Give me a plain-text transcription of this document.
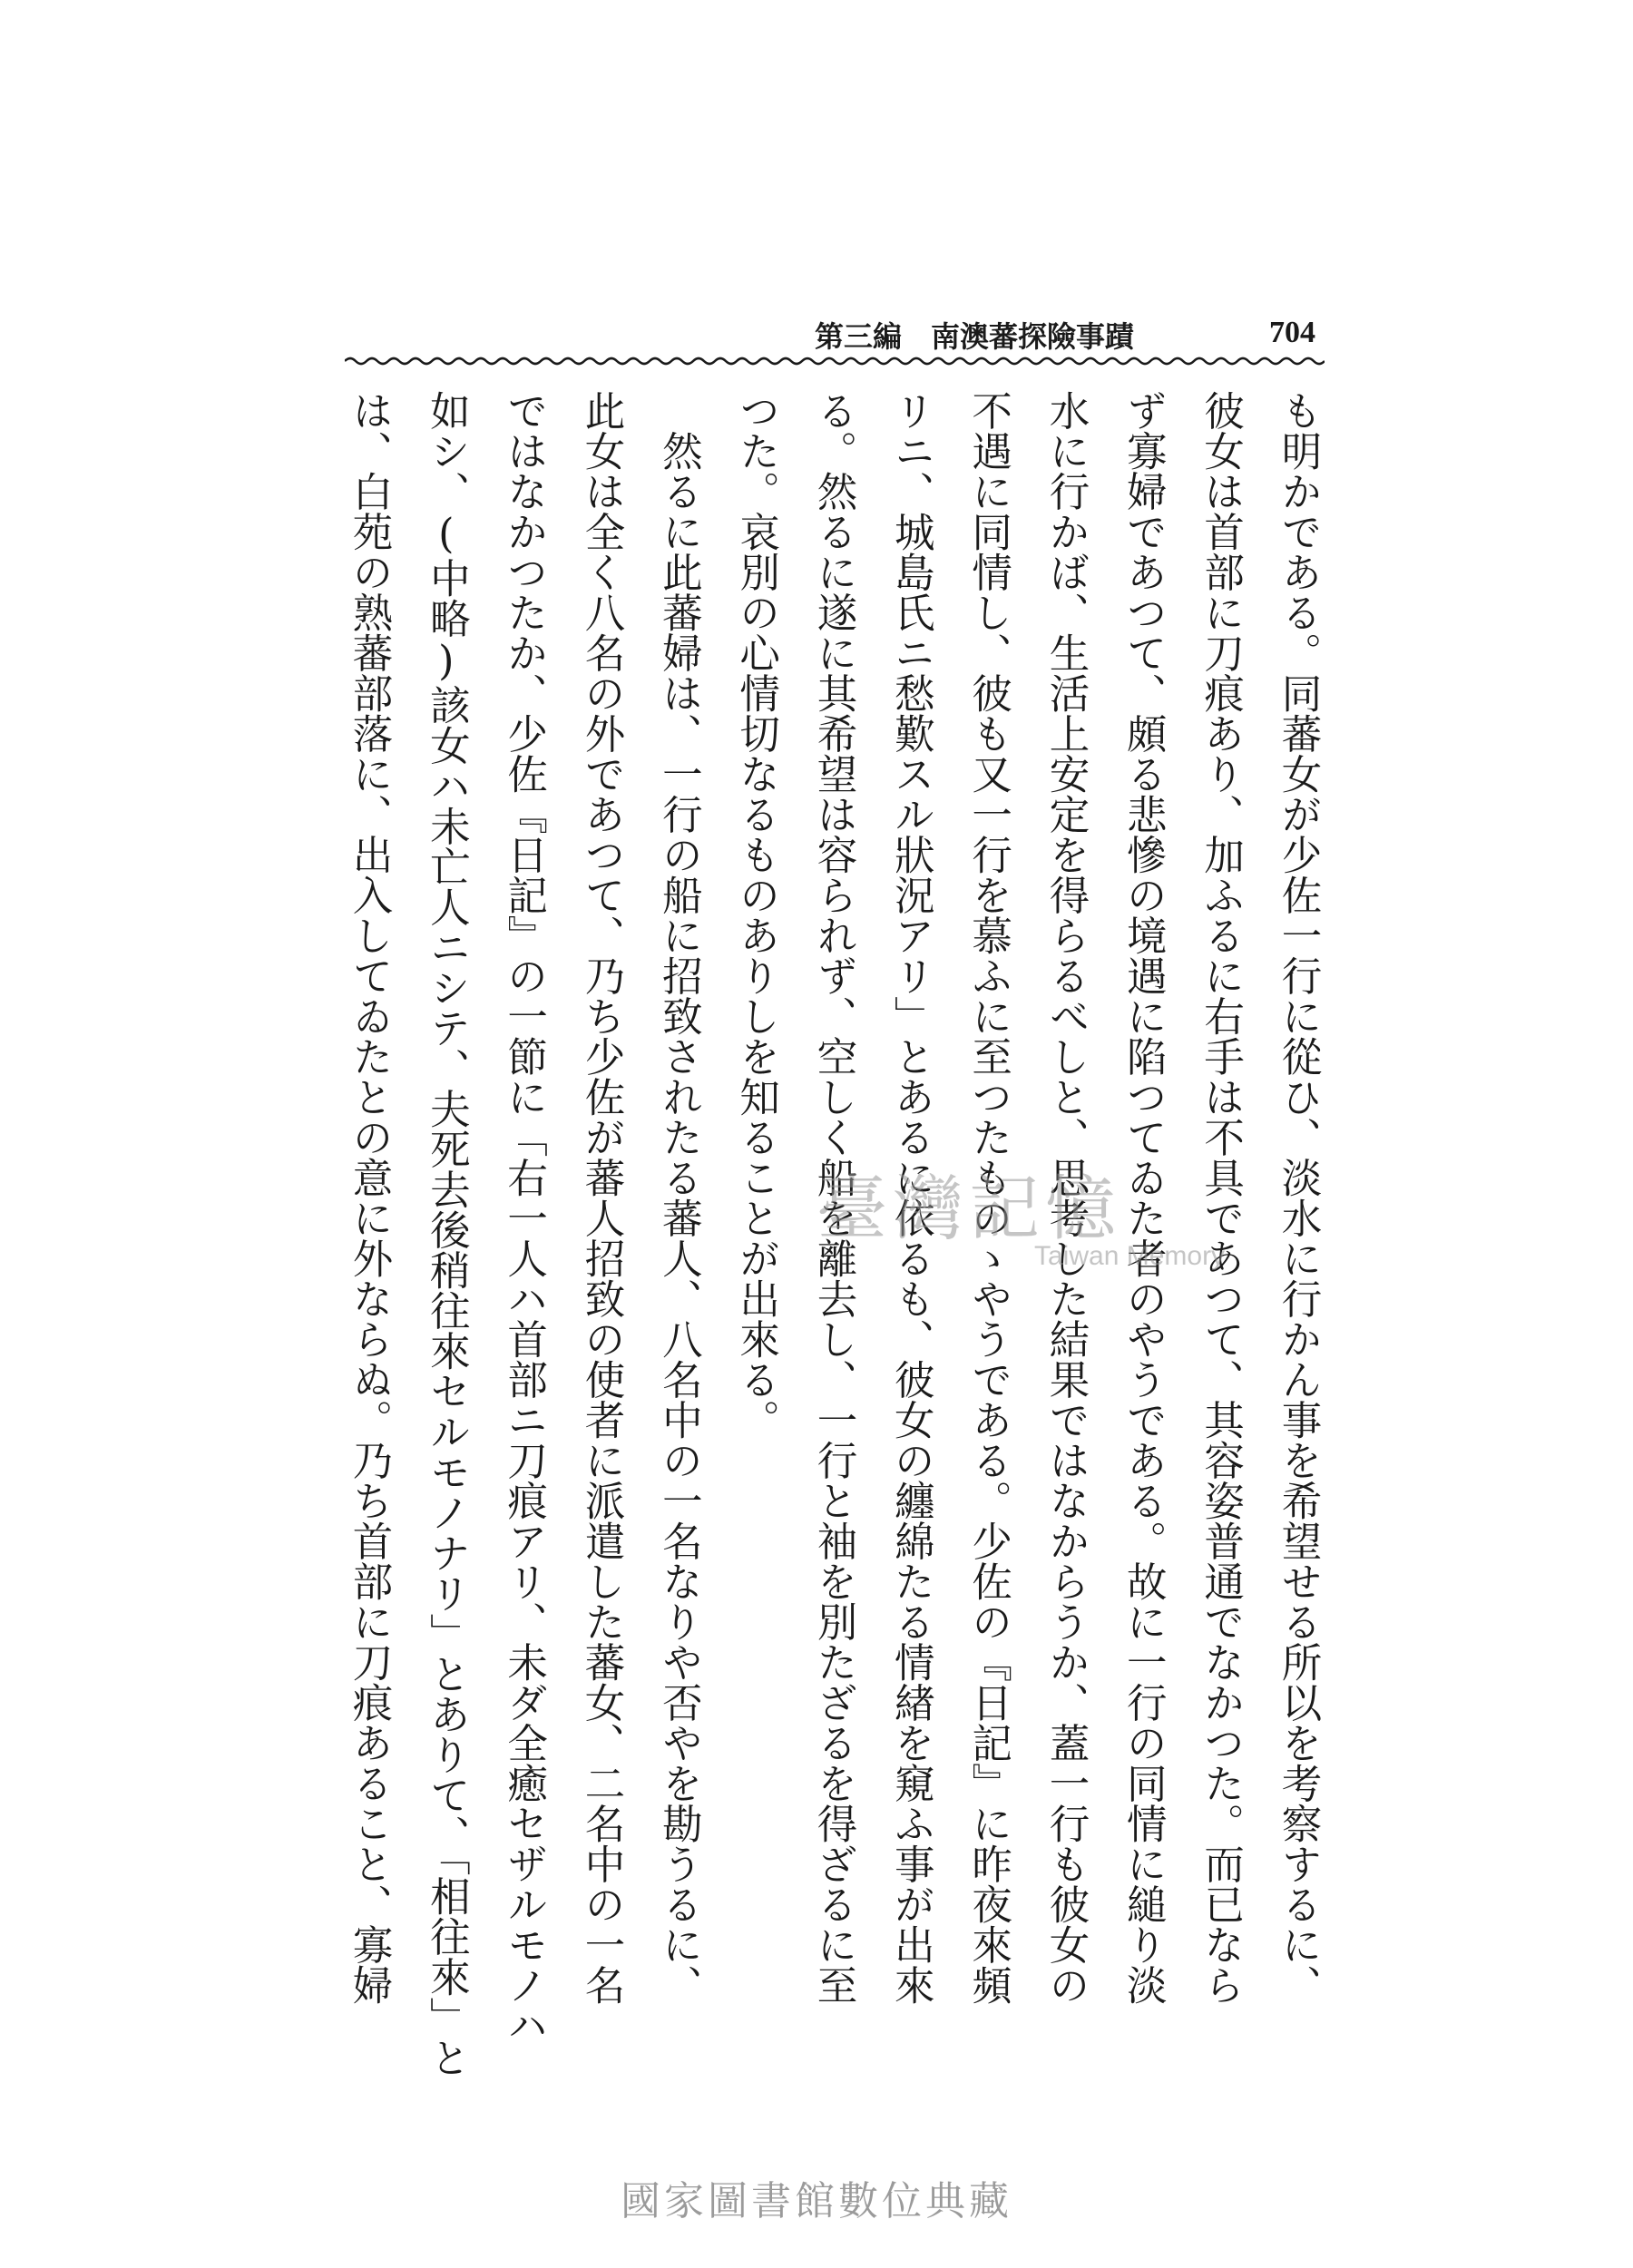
第三編　南澳蕃探險事蹟	704
も明かである。同蕃女が少佐一行に從ひ、淡水に行かん事を希望せる所以を考察するに、
彼女は首部に刀痕あり、加ふるに右手は不具であつて、其容姿普通でなかつた。而已なら
ず寡婦であつて、頗る悲慘の境遇に陷つてゐた者のやうである。故に一行の同情に縋り淡
水に行かば、生活上安定を得らるべしと、思考した結果ではなからうか、蓋一行も彼女の
不遇に同情し、彼も又一行を慕ふに至つたものゝやうである。少佐の『日記』に昨夜來頻
リニ、城島氏ニ愁歎スル狀況アリ」とあるに依るも、彼女の纏綿たる情緖を窺ふ事が出來
る。然るに遂に其希望は容られず、空しく船を離去し、一行と袖を別たざるを得ざるに至
つた。哀別の心情切なるものありしを知ることが出來る。
　然るに此蕃婦は、一行の船に招致されたる蕃人、八名中の一名なりや否やを勘うるに、
此女は全く八名の外であつて、乃ち少佐が蕃人招致の使者に派遣した蕃女、二名中の一名
ではなかつたか、少佐『日記』の一節に「右一人ハ首部ニ刀痕アリ、未ダ全癒セザルモノハ
如シ、(中略)該女ハ未亡人ニシテ、夫死去後稍往來セルモノナリ」とありて、「相往來」と
は、白苑の熟蕃部落に、出入してゐたとの意に外ならぬ。乃ち首部に刀痕あること、寡婦	臺灣記憶
Taiwan Memory
國家圖書館數位典藏
